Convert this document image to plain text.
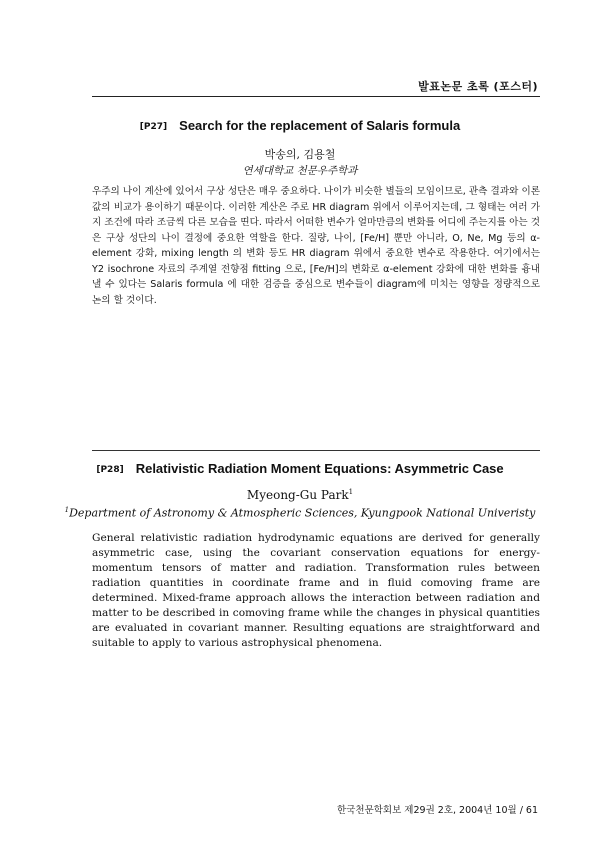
발표논문 초록 (포스터)
[P27] Search for the replacement of Salaris formula
박송의, 김용철
연세대학교 천문우주학과
우주의 나이 계산에 있어서 구상 성단은 매우 중요하다. 나이가 비슷한 별들의 모임이므로, 관측 결과와 이론값의 비교가 용이하기 때문이다. 이러한 계산은 주로 HR diagram 위에서 이루어지는데, 그 형태는 여러 가지 조건에 따라 조금씩 다른 모습을 띤다. 따라서 어떠한 변수가 얼마만큼의 변화를 어디에 주는지를 아는 것은 구상 성단의 나이 결정에 중요한 역할을 한다. 질량, 나이, [Fe/H] 뿐만 아니라, O, Ne, Mg 등의 α-element 강화, mixing length 의 변화 등도 HR diagram 위에서 중요한 변수로 작용한다. 여기에서는 Y2 isochrone 자료의 주계열 전향점 fitting 으로, [Fe/H]의 변화로 α-element 강화에 대한 변화를 흉내 낼 수 있다는 Salaris formula 에 대한 검증을 중심으로 변수들이 diagram에 미치는 영향을 정량적으로 논의 할 것이다.
[P28] Relativistic Radiation Moment Equations: Asymmetric Case
Myeong-Gu Park$^1$
$^1$Department of Astronomy & Atmospheric Sciences, Kyungpook National Univeristy
General relativistic radiation hydrodynamic equations are derived for generally asymmetric case, using the covariant conservation equations for energy-momentum tensors of matter and radiation. Transformation rules between radiation quantities in coordinate frame and in fluid comoving frame are determined. Mixed-frame approach allows the interaction between radiation and matter to be described in comoving frame while the changes in physical quantities are evaluated in covariant manner. Resulting equations are straightforward and suitable to apply to various astrophysical phenomena.
한국천문학회보 제29권 2호, 2004년 10월 / 61
